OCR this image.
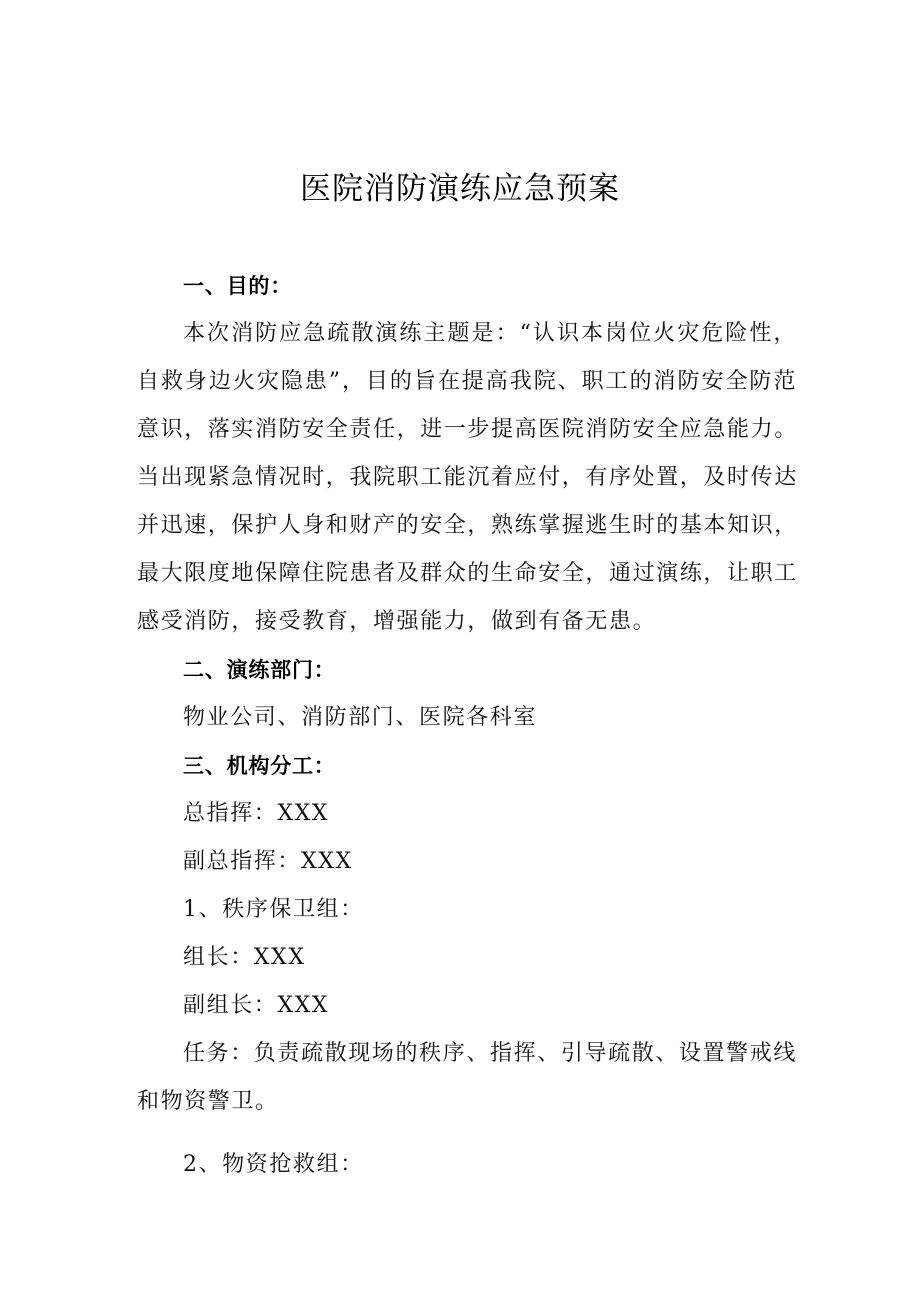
医院消防演练应急预案
一、目的：
本次消防应急疏散演练主题是：“认识本岗位火灾危险性，
自救身边火灾隐患”，目的旨在提高我院、职工的消防安全防范
意识，落实消防安全责任，进一步提高医院消防安全应急能力。
当出现紧急情况时，我院职工能沉着应付，有序处置，及时传达
并迅速，保护人身和财产的安全，熟练掌握逃生时的基本知识，
最大限度地保障住院患者及群众的生命安全，通过演练，让职工
感受消防，接受教育，增强能力，做到有备无患。
二、演练部门：
物业公司、消防部门、医院各科室
三、机构分工：
总指挥：XXX
副总指挥：XXX
1、秩序保卫组：
组长：XXX
副组长：XXX
任务：负责疏散现场的秩序、指挥、引导疏散、设置警戒线
和物资警卫。
2、物资抢救组：
